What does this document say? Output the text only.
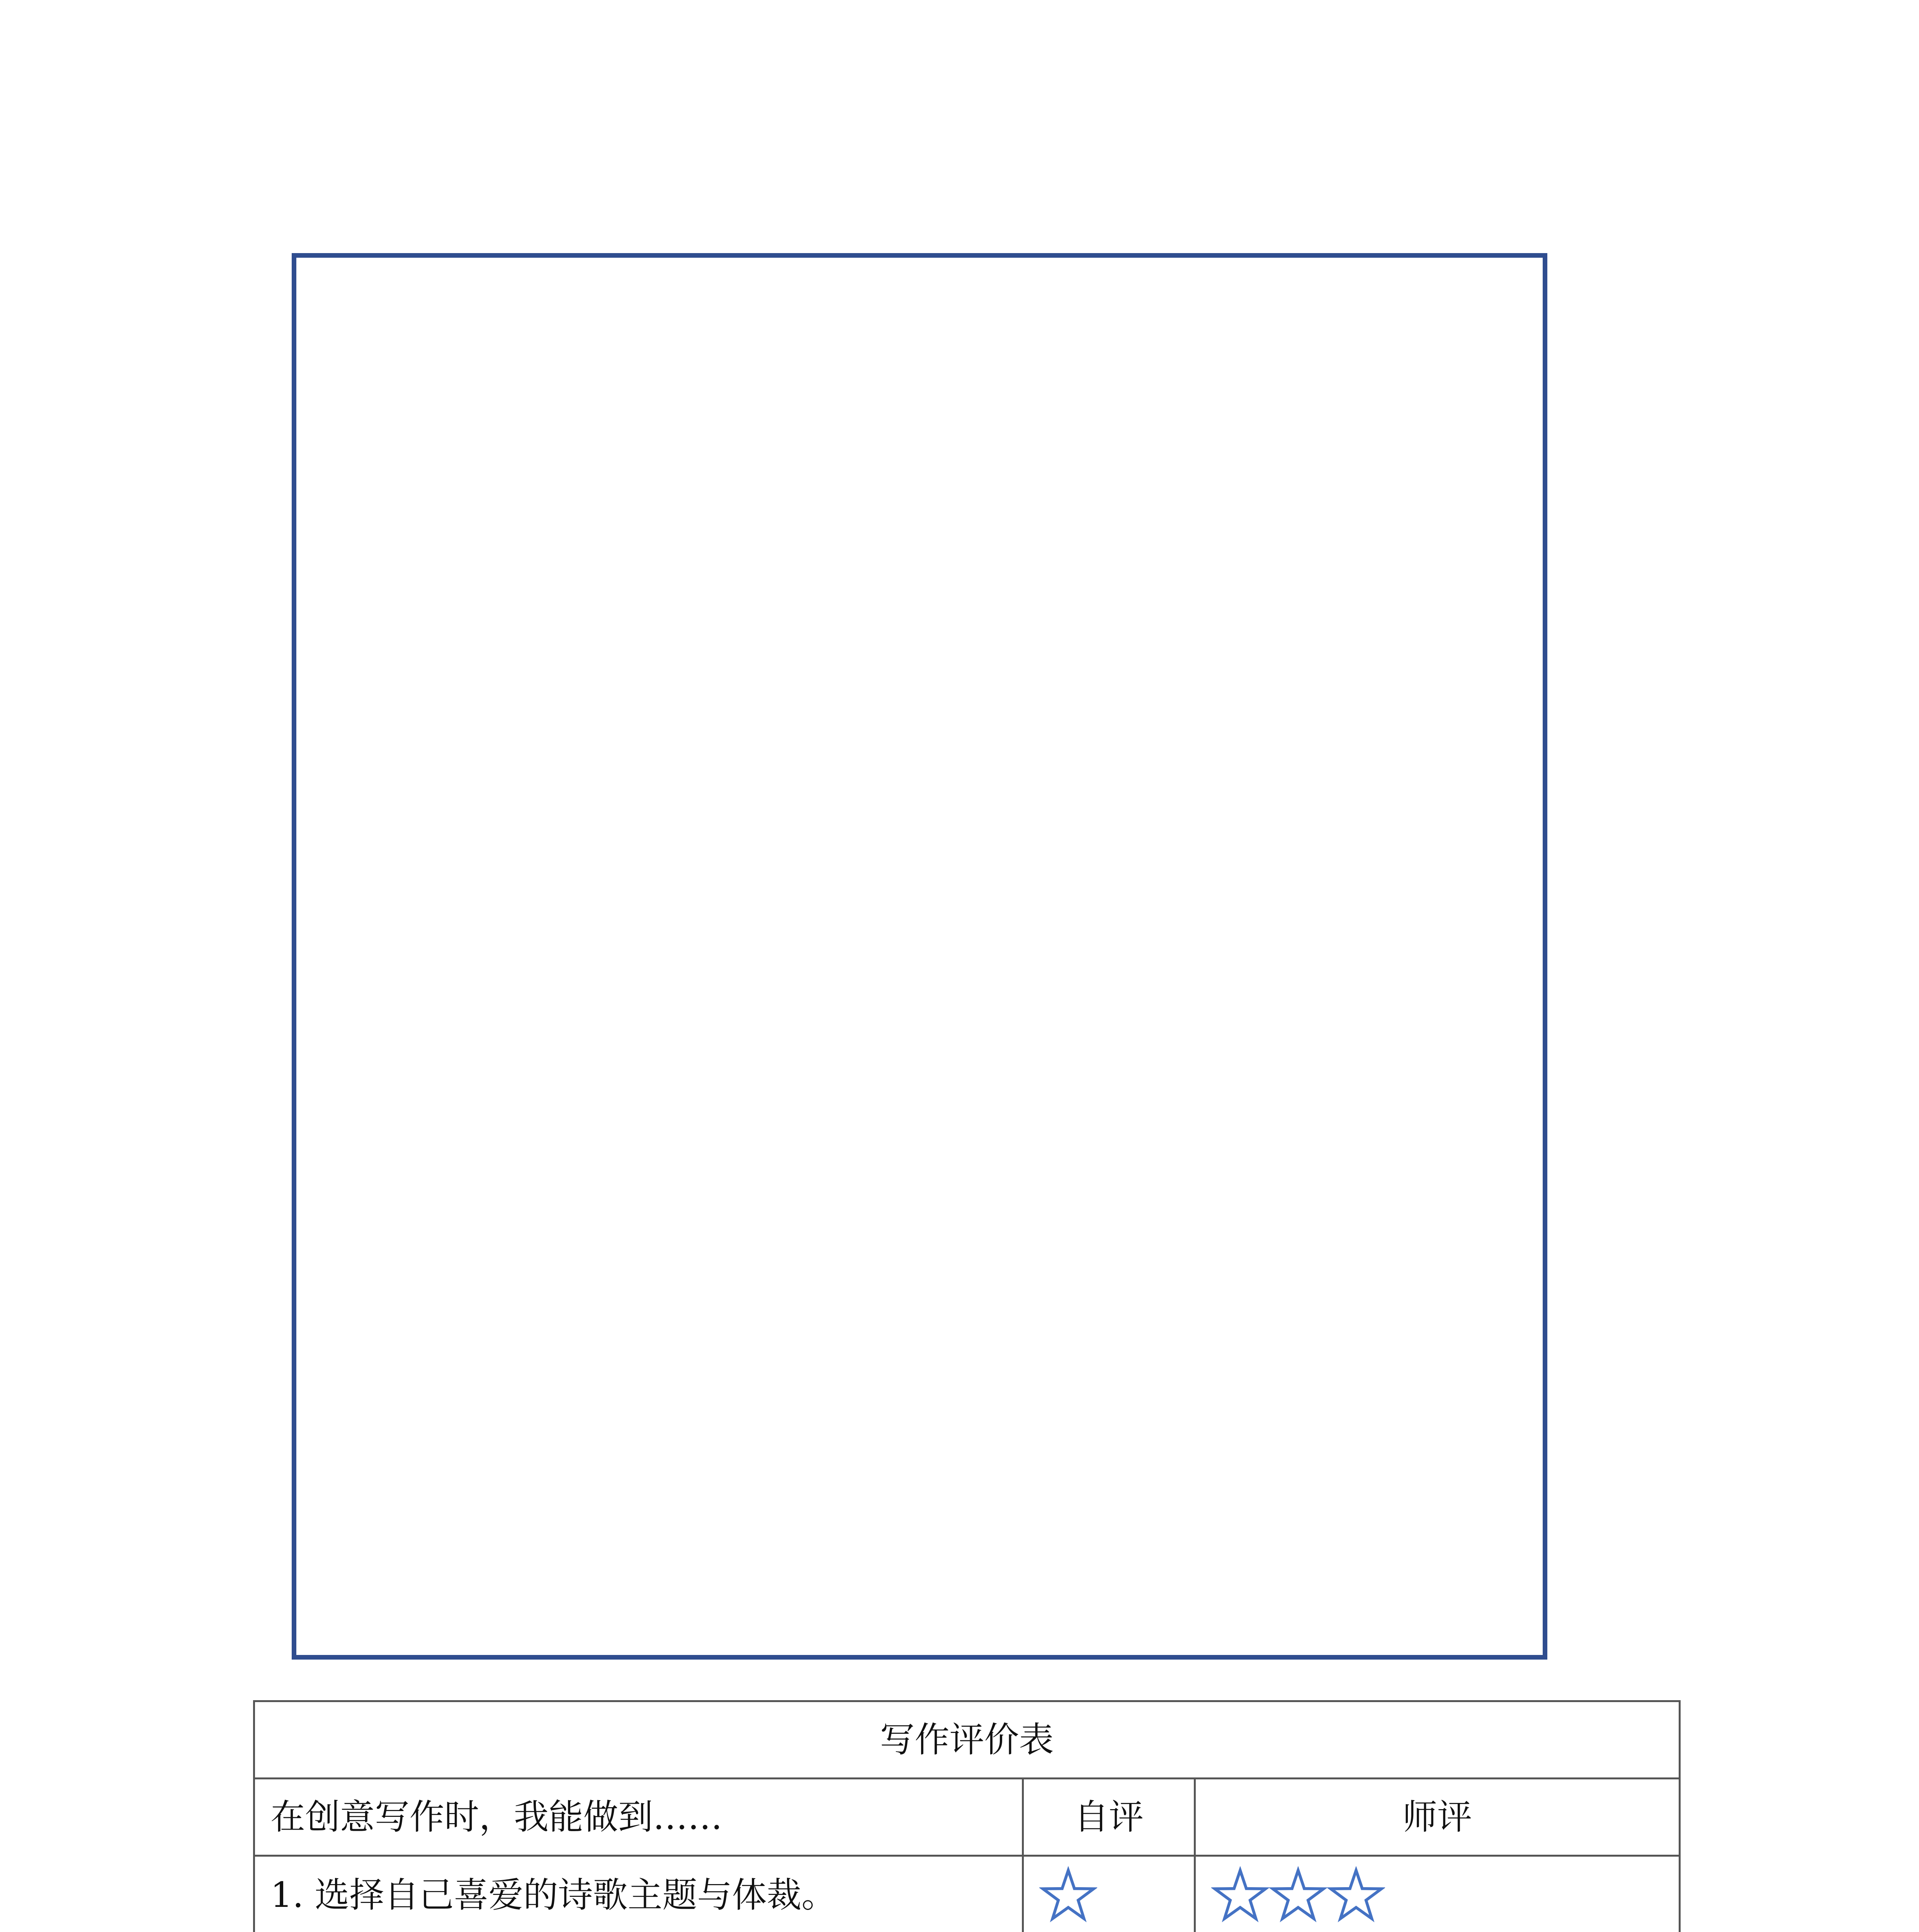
写作评价表		
在创意写作时，我能做到……	自评	师评
1. 选择自己喜爱的诗歌主题与体裁。	
